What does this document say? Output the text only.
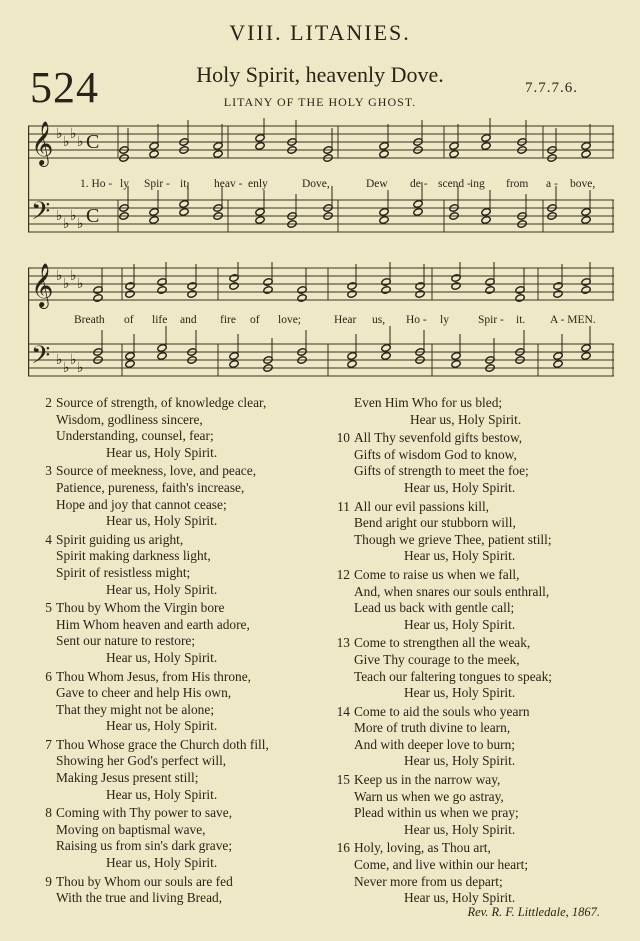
VIII. LITANIES.
524	Holy Spirit, heavenly Dove.
7.7.7.6.
LITANY OF THE HOLY GHOST.
𝄞
𝄢
♭
♭
♭
♭
♭
♭
♭
♭
C
C
1. Ho - ly Spir - it, heav - enly	Dove,	Dew de - scend - ing from a - bove,
𝄞
𝄢
♭
♭
♭
♭
♭
♭
♭
♭
Breath of life and fire of love;	Hear us, Ho - ly	Spir - it. A - MEN.
2 Source of strength, of knowledge clear,
Wisdom, godliness sincere,
Understanding, counsel, fear;
Hear us, Holy Spirit.
3 Source of meekness, love, and peace,
Patience, pureness, faith's increase,
Hope and joy that cannot cease;
Hear us, Holy Spirit.
4 Spirit guiding us aright,
Spirit making darkness light,
Spirit of resistless might;
Hear us, Holy Spirit.
5 Thou by Whom the Virgin bore
Him Whom heaven and earth adore,
Sent our nature to restore;
Hear us, Holy Spirit.
6 Thou Whom Jesus, from His throne,
Gave to cheer and help His own,
That they might not be alone;
Hear us, Holy Spirit.
7 Thou Whose grace the Church doth fill,
Showing her God's perfect will,
Making Jesus present still;
Hear us, Holy Spirit.
8 Coming with Thy power to save,
Moving on baptismal wave,
Raising us from sin's dark grave;
Hear us, Holy Spirit.
9 Thou by Whom our souls are fed
With the true and living Bread,
Even Him Who for us bled;
Hear us, Holy Spirit.
10 All Thy sevenfold gifts bestow,
Gifts of wisdom God to know,
Gifts of strength to meet the foe;
Hear us, Holy Spirit.
11 All our evil passions kill,
Bend aright our stubborn will,
Though we grieve Thee, patient still;
Hear us, Holy Spirit.
12 Come to raise us when we fall,
And, when snares our souls enthrall,
Lead us back with gentle call;
Hear us, Holy Spirit.
13 Come to strengthen all the weak,
Give Thy courage to the meek,
Teach our faltering tongues to speak;
Hear us, Holy Spirit.
14 Come to aid the souls who yearn
More of truth divine to learn,
And with deeper love to burn;
Hear us, Holy Spirit.
15 Keep us in the narrow way,
Warn us when we go astray,
Plead within us when we pray;
Hear us, Holy Spirit.
16 Holy, loving, as Thou art,
Come, and live within our heart;
Never more from us depart;
Hear us, Holy Spirit.
Rev. R. F. Littledale, 1867.
